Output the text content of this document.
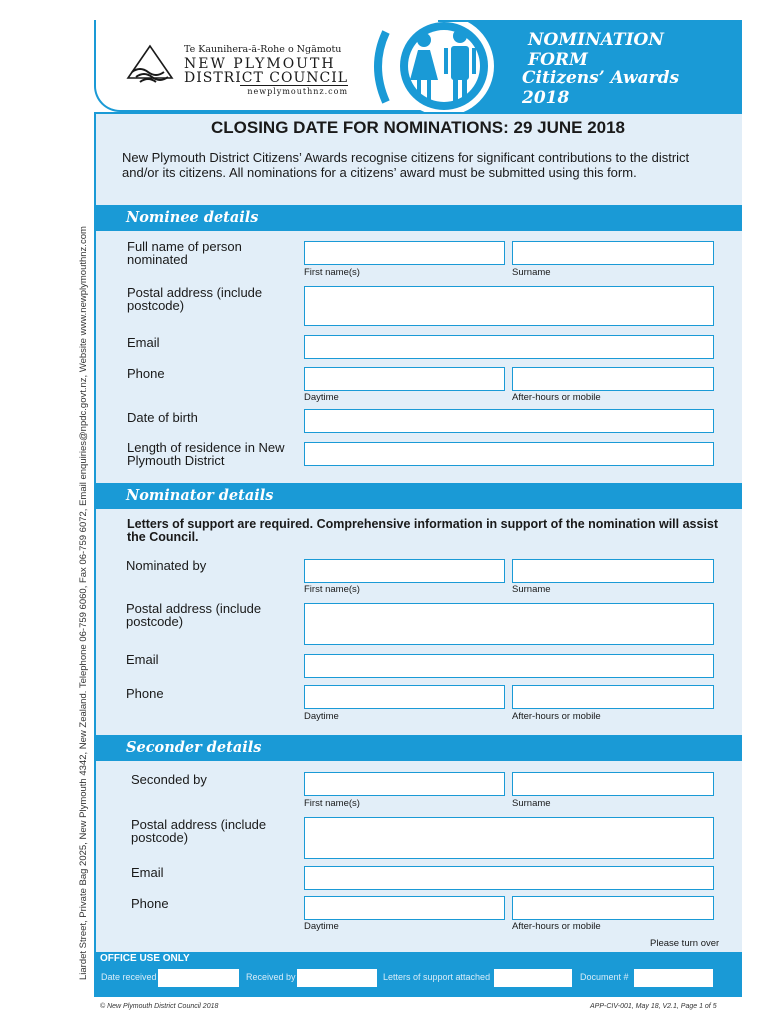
Liardet Street, Private Bag 2025, New Plymouth 4342, New Zealand. Telephone 06-759 6060, Fax 06-759 6072, Email enquiries@npdc.govt.nz, Website www.newplymouthnz.com
Te Kaunihera-ā-Rohe o Ngāmotu
NEW PLYMOUTH
DISTRICT COUNCIL
newplymouthnz.com
NOMINATION FORM
Citizens’ Awards 2018
CLOSING DATE FOR NOMINATIONS: 29 JUNE 2018
New Plymouth District Citizens’ Awards recognise citizens for significant contributions to the district and/or its citizens. All nominations for a citizens’ award must be submitted using this form.
Nominee details
Full name of person nominated
First name(s)	Surname
Postal address (include postcode)
Email
Phone
Daytime	After-hours or mobile
Date of birth
Length of residence in New Plymouth District
Nominator details
Letters of support are required. Comprehensive information in support of the nomination will assist the Council.
Nominated by
First name(s)	Surname
Postal address (include postcode)
Email
Phone
Daytime	After-hours or mobile
Seconder details
Seconded by
First name(s)	Surname
Postal address (include postcode)
Email
Phone
Daytime	After-hours or mobile
Please turn over
OFFICE USE ONLY
Date received	Received by	Letters of support attached	Document #
© New Plymouth District Council 2018	APP-CIV-001, May 18, V2.1, Page 1 of 5
